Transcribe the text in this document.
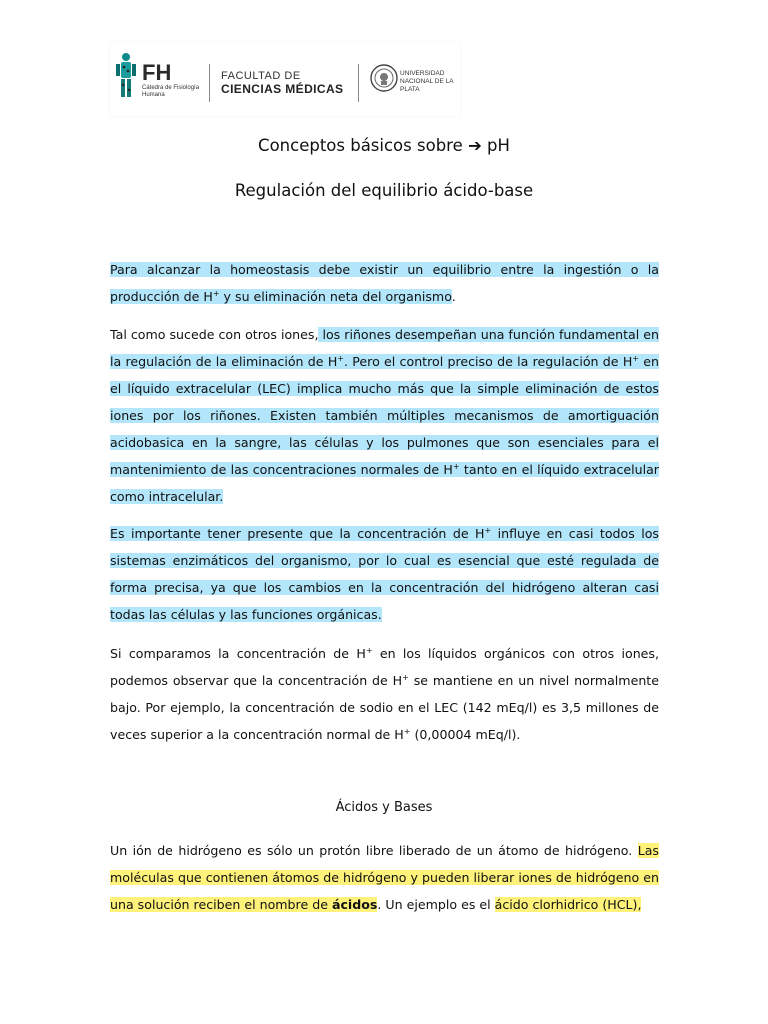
FH
Cátedra de Fisiología Humana
FACULTAD DE
CIENCIAS MÉDICAS
UNIVERSIDAD NACIONAL DE LA PLATA
Conceptos básicos sobre ➔ pH
Regulación del equilibrio ácido-base

Para alcanzar la homeostasis debe existir un equilibrio entre la ingestión o la producción de H+ y su eliminación neta del organismo.

Tal como sucede con otros iones, los riñones desempeñan una función fundamental en la regulación de la eliminación de H+. Pero el control preciso de la regulación de H+ en el líquido extracelular (LEC) implica mucho más que la simple eliminación de estos iones por los riñones. Existen también múltiples mecanismos de amortiguación acidobasica en la sangre, las células y los pulmones que son esenciales para el mantenimiento de las concentraciones normales de H+ tanto en el líquido extracelular como intracelular.

Es importante tener presente que la concentración de H+ influye en casi todos los sistemas enzimáticos del organismo, por lo cual es esencial que esté regulada de forma precisa, ya que los cambios en la concentración del hidrógeno alteran casi todas las células y las funciones orgánicas.

Si comparamos la concentración de H+ en los líquidos orgánicos con otros iones, podemos observar que la concentración de H+ se mantiene en un nivel normalmente bajo. Por ejemplo, la concentración de sodio en el LEC (142 mEq/l) es 3,5 millones de veces superior a la concentración normal de H+ (0,00004 mEq/l).

Ácidos y Bases

Un ión de hidrógeno es sólo un protón libre liberado de un átomo de hidrógeno. Las moléculas que contienen átomos de hidrógeno y pueden liberar iones de hidrógeno en una solución reciben el nombre de ácidos. Un ejemplo es el ácido clorhidrico (HCL),
